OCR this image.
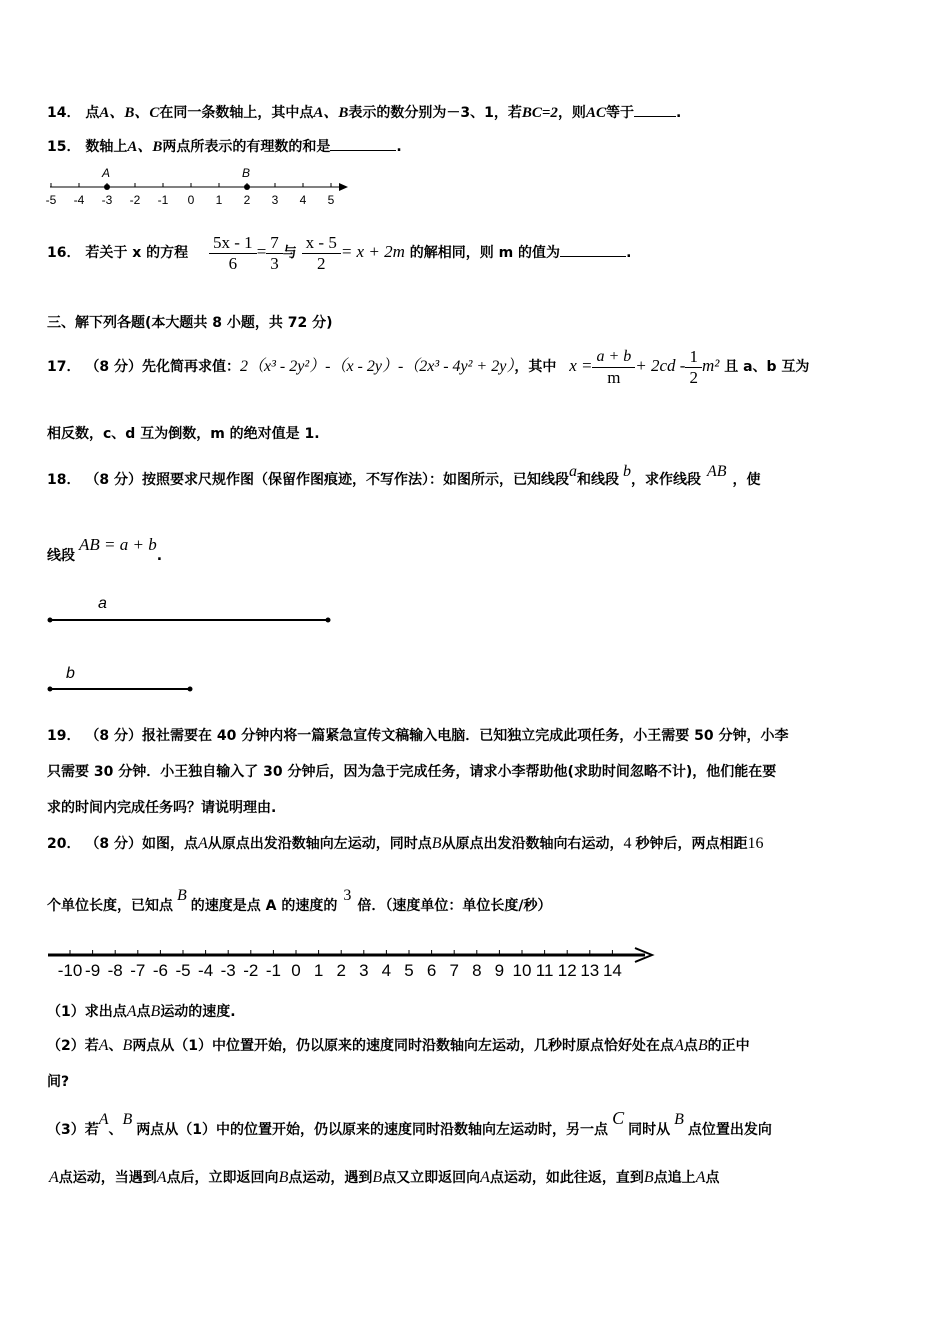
14． 点A、B、C在同一条数轴上，其中点A、B表示的数分别为－3、1，若BC=2，则AC等于	.
15． 数轴上A、B两点所表示的有理数的和是	.
-5 -4 -3 -2 -1 0 1 2 3 4 5
A	B
16． 若关于 x 的方程 $\frac{5x - 1}{6} = \frac{7}{3}$ 与 $\frac{x - 5}{2} = x + 2m$ 的解相同，则 m 的值为	.
三、解下列各题(本大题共 8 小题，共 72 分)
17． （8 分）先化简再求值：2（x³ - 2y²）-（x - 2y）-（2x³ - 4y² + 2y），其中 $x = \frac{a + b}{m} + 2cd - \frac{1}{2} m^2$ 且 a、b 互为
相反数，c、d 互为倒数，m 的绝对值是 1.
18． （8 分）按照要求尺规作图（保留作图痕迹，不写作法）：如图所示，已知线段a和线段 b，求作线段 AB ，使
线段AB = a + b.
a
b
19． （8 分）报社需要在 40 分钟内将一篇紧急宣传文稿输入电脑．已知独立完成此项任务，小王需要 50 分钟，小李
只需要 30 分钟．小王独自输入了 30 分钟后，因为急于完成任务，请求小李帮助他(求助时间忽略不计)，他们能在要
求的时间内完成任务吗？请说明理由.
20． （8 分）如图，点A从原点出发沿数轴向左运动，同时点B从原点出发沿数轴向右运动，4 秒钟后，两点相距16
个单位长度，已知点B的速度是点 A 的速度的3倍．（速度单位：单位长度/秒）
-10 -9 -8 -7 -6 -5 -4 -3 -2 -1 0 1 2 3 4 5 6 7 8 9 10 11 12 13 14
（1）求出点A点B运动的速度.
（2）若A、B两点从（1）中位置开始，仍以原来的速度同时沿数轴向左运动，几秒时原点恰好处在点A点B的正中
间?
（3）若A、B两点从（1）中的位置开始，仍以原来的速度同时沿数轴向左运动时，另一点C同时从B点位置出发向
A点运动，当遇到A点后，立即返回向B点运动，遇到B点又立即返回向A点运动，如此往返，直到B点追上A点
